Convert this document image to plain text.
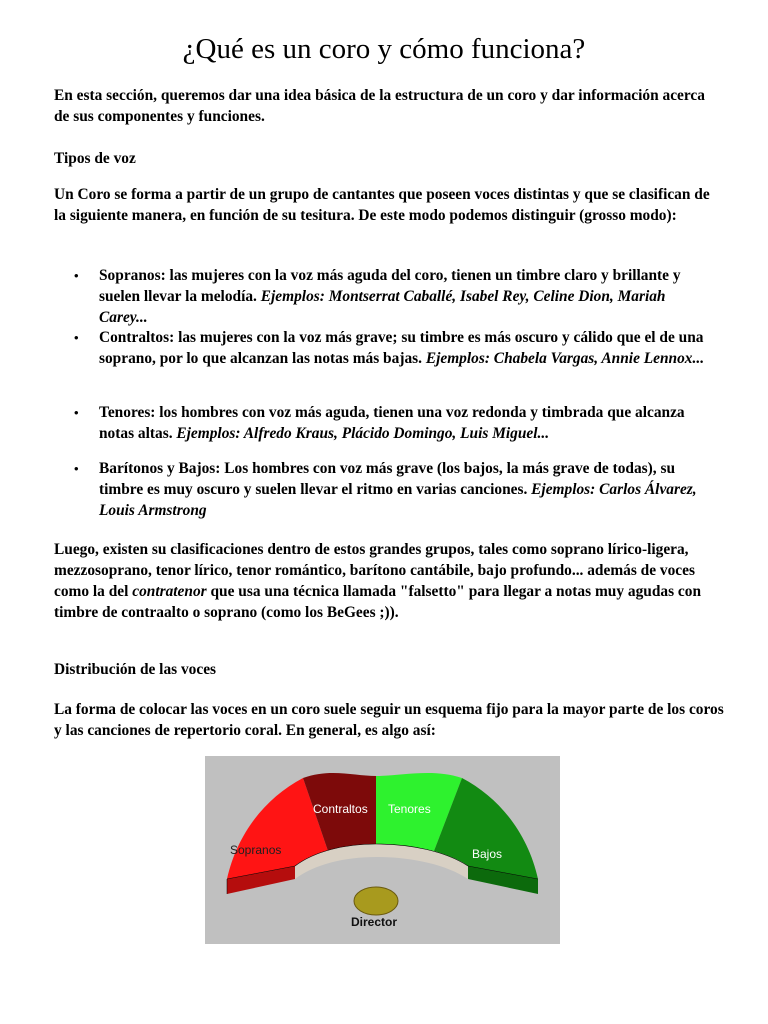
¿Qué es un coro y cómo funciona?

En esta sección, queremos dar una idea básica de la estructura de un coro y dar información acerca de sus componentes y funciones.

Tipos de voz

Un Coro se forma a partir de un grupo de cantantes que poseen voces distintas y que se clasifican de la siguiente manera, en función de su tesitura. De este modo podemos distinguir (grosso modo):

• Sopranos: las mujeres con la voz más aguda del coro, tienen un timbre claro y brillante y suelen llevar la melodía. Ejemplos: Montserrat Caballé, Isabel Rey, Celine Dion, Mariah Carey...
• Contraltos: las mujeres con la voz más grave; su timbre es más oscuro y cálido que el de una soprano, por lo que alcanzan las notas más bajas. Ejemplos: Chabela Vargas, Annie Lennox...
• Tenores: los hombres con voz más aguda, tienen una voz redonda y timbrada que alcanza notas altas. Ejemplos: Alfredo Kraus, Plácido Domingo, Luis Miguel...
• Barítonos y Bajos: Los hombres con voz más grave (los bajos, la más grave de todas), su timbre es muy oscuro y suelen llevar el ritmo en varias canciones. Ejemplos: Carlos Álvarez, Louis Armstrong

Luego, existen su clasificaciones dentro de estos grandes grupos, tales como soprano lírico-ligera, mezzosoprano, tenor lírico, tenor romántico, barítono cantábile, bajo profundo... además de voces como la del contratenor que usa una técnica llamada "falsetto" para llegar a notas muy agudas con timbre de contraalto o soprano (como los BeGees ;)).

Distribución de las voces

La forma de colocar las voces en un coro suele seguir un esquema fijo para la mayor parte de los coros y las canciones de repertorio coral. En general, es algo así:

Sopranos
Contraltos Tenores
Bajos
Director
